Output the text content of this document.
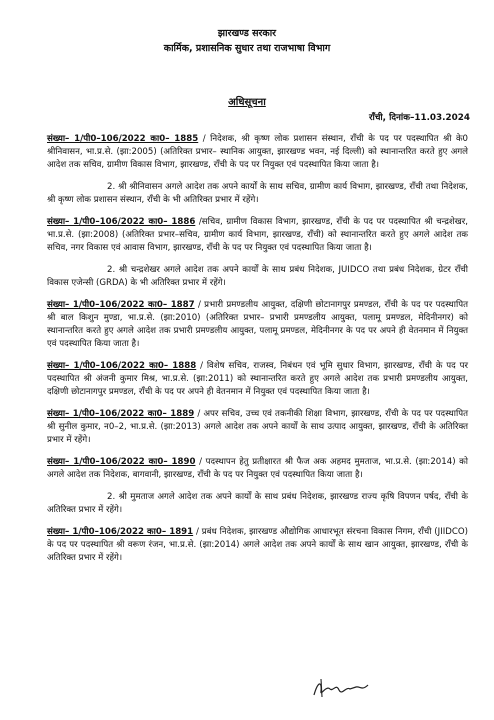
झारखण्ड सरकार
कार्मिक, प्रशासनिक सुधार तथा राजभाषा विभाग
अधिसूचना
राँची, दिनांक–11.03.2024

संख्या– 1/पी0–106/2022 का0– 1885 / निदेशक, श्री कृष्ण लोक प्रशासन संस्थान, राँची के पद पर पदस्थापित श्री के0 श्रीनिवासन, भा.प्र.से. (झा:2005) (अतिरिक्त प्रभार– स्थानिक आयुक्त, झारखण्ड भवन, नई दिल्ली) को स्थानान्तरित करते हुए अगले आदेश तक सचिव, ग्रामीण विकास विभाग, झारखण्ड, राँची के पद पर नियुक्त एवं पदस्थापित किया जाता है।

2. श्री श्रीनिवासन अगले आदेश तक अपने कार्यों के साथ सचिव, ग्रामीण कार्य विभाग, झारखण्ड, राँची तथा निदेशक, श्री कृष्ण लोक प्रशासन संस्थान, राँची के भी अतिरिक्त प्रभार में रहेंगे।

संख्या– 1/पी0–106/2022 का0– 1886 /सचिव, ग्रामीण विकास विभाग, झारखण्ड, राँची के पद पर पदस्थापित श्री चन्द्रशेखर, भा.प्र.से. (झा:2008) (अतिरिक्त प्रभार–सचिव, ग्रामीण कार्य विभाग, झारखण्ड, राँची) को स्थानान्तरित करते हुए अगले आदेश तक सचिव, नगर विकास एवं आवास विभाग, झारखण्ड, राँची के पद पर नियुक्त एवं पदस्थापित किया जाता है।

2. श्री चन्द्रशेखर अगले आदेश तक अपने कार्यों के साथ प्रबंध निदेशक, JUIDCO तथा प्रबंध निदेशक, ग्रेटर राँची विकास एजेन्सी (GRDA) के भी अतिरिक्त प्रभार में रहेंगे।

संख्या– 1/पी0–106/2022 का0– 1887 / प्रभारी प्रमण्डलीय आयुक्त, दक्षिणी छोटानागपुर प्रमण्डल, राँची के पद पर पदस्थापित श्री बाल किशुन मुण्डा, भा.प्र.से. (झा:2010) (अतिरिक्त प्रभार– प्रभारी प्रमण्डलीय आयुक्त, पलामू प्रमण्डल, मेदिनीनगर) को स्थानान्तरित करते हुए अगले आदेश तक प्रभारी प्रमण्डलीय आयुक्त, पलामू प्रमण्डल, मेदिनीनगर के पद पर अपने ही वेतनमान में नियुक्त एवं पदस्थापित किया जाता है।

संख्या– 1/पी0–106/2022 का0– 1888 / विशेष सचिव, राजस्व, निबंधन एवं भूमि सुधार विभाग, झारखण्ड, राँची के पद पर पदस्थापित श्री अंजनी कुमार मिश्र, भा.प्र.से. (झा:2011) को स्थानान्तरित करते हुए अगले आदेश तक प्रभारी प्रमण्डलीय आयुक्त, दक्षिणी छोटानागपुर प्रमण्डल, राँची के पद पर अपने ही वेतनमान में नियुक्त एवं पदस्थापित किया जाता है।

संख्या– 1/पी0–106/2022 का0– 1889 / अपर सचिव, उच्च एवं तकनीकी शिक्षा विभाग, झारखण्ड, राँची के पद पर पदस्थापित श्री सुनील कुमार, न0–2, भा.प्र.से. (झा:2013) अगले आदेश तक अपने कार्यों के साथ उत्पाद आयुक्त, झारखण्ड, राँची के अतिरिक्त प्रभार में रहेंगे।

संख्या– 1/पी0–106/2022 का0– 1890 / पदस्थापन हेतु प्रतीक्षारत श्री फैज अक अहमद मुमताज, भा.प्र.से. (झा:2014) को अगले आदेश तक निदेशक, बागवानी, झारखण्ड, राँची के पद पर नियुक्त एवं पदस्थापित किया जाता है।

2. श्री मुमताज अगले आदेश तक अपने कार्यों के साथ प्रबंध निदेशक, झारखण्ड राज्य कृषि विपणन पर्षद, राँची के अतिरिक्त प्रभार में रहेंगे।

संख्या– 1/पी0–106/2022 का0– 1891 / प्रबंध निदेशक, झारखण्ड औद्योगिक आधारभूत संरचना विकास निगम, राँची (JIIDCO) के पद पर पदस्थापित श्री वरूण रंजन, भा.प्र.से. (झा:2014) अगले आदेश तक अपने कार्यों के साथ खान आयुक्त, झारखण्ड, राँची के अतिरिक्त प्रभार में रहेंगे।
